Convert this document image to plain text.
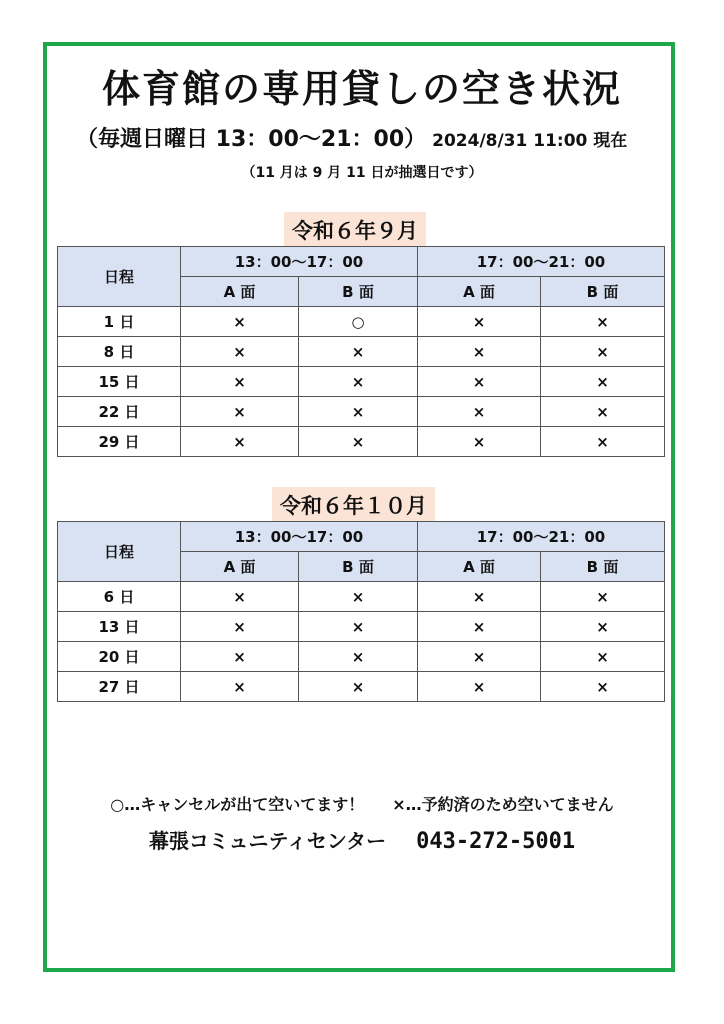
体育館の専用貸しの空き状況
（毎週日曜日 13：00～21：00） 2024/8/31 11:00 現在
（11 月は 9 月 11 日が抽選日です）
令和６年９月
日程	13：00～17：00		17：00～21：00	
	A 面	B 面	A 面	B 面
1 日	×	○	×	×
8 日	×	×	×	×
15 日	×	×	×	×
22 日	×	×	×	×
29 日	×	×	×	×
令和６年１０月
日程	13：00～17：00		17：00～21：00	
	A 面	B 面	A 面	B 面
6 日	×	×	×	×
13 日	×	×	×	×
20 日	×	×	×	×
27 日	×	×	×	×
○…キャンセルが出て空いてます！ ×…予約済のため空いてません
幕張コミュニティセンター 043-272-5001
